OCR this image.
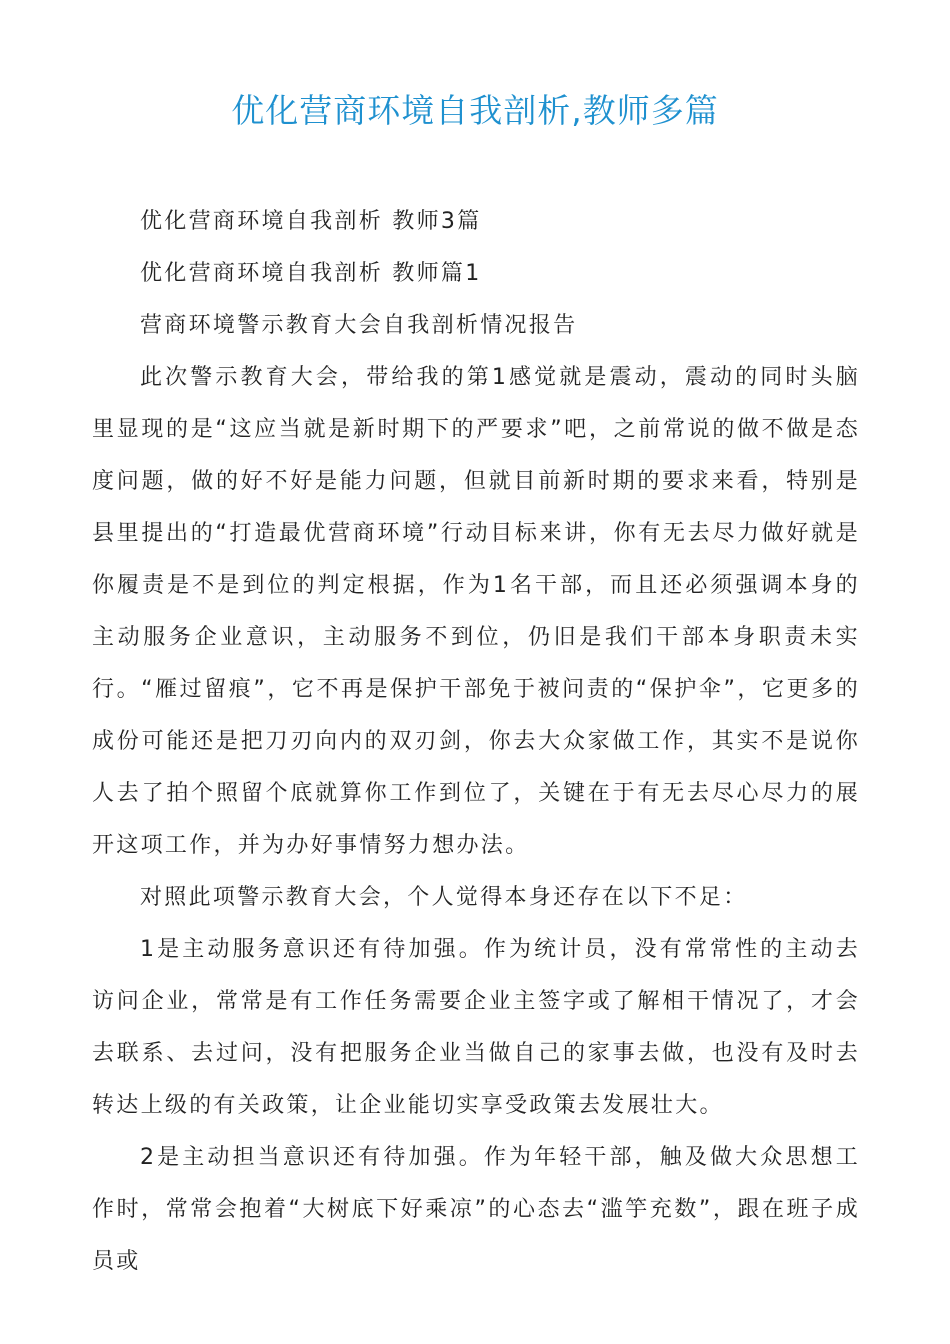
优化营商环境自我剖析,教师多篇

优化营商环境自我剖析 教师3篇

优化营商环境自我剖析 教师篇1

营商环境警示教育大会自我剖析情况报告

此次警示教育大会，带给我的第1感觉就是震动，震动的同时头脑里显现的是“这应当就是新时期下的严要求”吧，之前常说的做不做是态度问题，做的好不好是能力问题，但就目前新时期的要求来看，特别是县里提出的“打造最优营商环境”行动目标来讲，你有无去尽力做好就是你履责是不是到位的判定根据，作为1名干部，而且还必须强调本身的主动服务企业意识，主动服务不到位，仍旧是我们干部本身职责未实行。“雁过留痕”，它不再是保护干部免于被问责的“保护伞”，它更多的成份可能还是把刀刃向内的双刃剑，你去大众家做工作，其实不是说你人去了拍个照留个底就算你工作到位了，关键在于有无去尽心尽力的展开这项工作，并为办好事情努力想办法。

对照此项警示教育大会，个人觉得本身还存在以下不足：

1是主动服务意识还有待加强。作为统计员，没有常常性的主动去访问企业，常常是有工作任务需要企业主签字或了解相干情况了，才会去联系、去过问，没有把服务企业当做自己的家事去做，也没有及时去转达上级的有关政策，让企业能切实享受政策去发展壮大。

2是主动担当意识还有待加强。作为年轻干部，触及做大众思想工作时，常常会抱着“大树底下好乘凉”的心态去“滥竽充数”，跟在班子成员或
